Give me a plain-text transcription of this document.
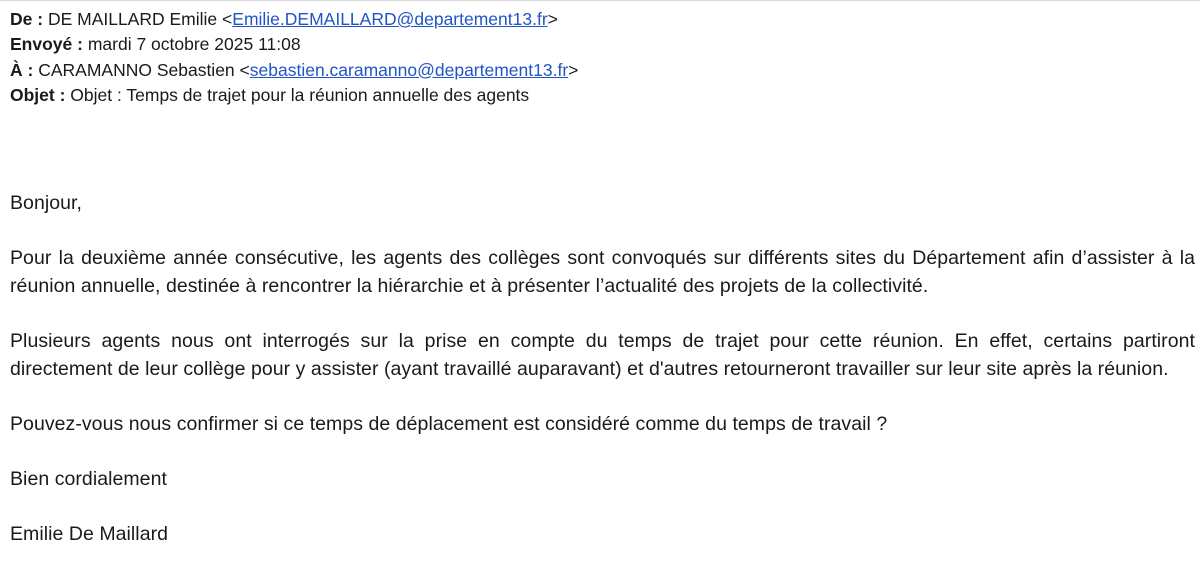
De : DE MAILLARD Emilie <Emilie.DEMAILLARD@departement13.fr>
Envoyé : mardi 7 octobre 2025 11:08
À : CARAMANNO Sebastien <sebastien.caramanno@departement13.fr>
Objet : Objet : Temps de trajet pour la réunion annuelle des agents

Bonjour,

Pour la deuxième année consécutive, les agents des collèges sont convoqués sur différents sites du Département afin d’assister à la réunion annuelle, destinée à rencontrer la hiérarchie et à présenter l’actualité des projets de la collectivité.

Plusieurs agents nous ont interrogés sur la prise en compte du temps de trajet pour cette réunion. En effet, certains partiront directement de leur collège pour y assister (ayant travaillé auparavant) et d'autres retourneront travailler sur leur site après la réunion.

Pouvez-vous nous confirmer si ce temps de déplacement est considéré comme du temps de travail ?

Bien cordialement

Emilie De Maillard
